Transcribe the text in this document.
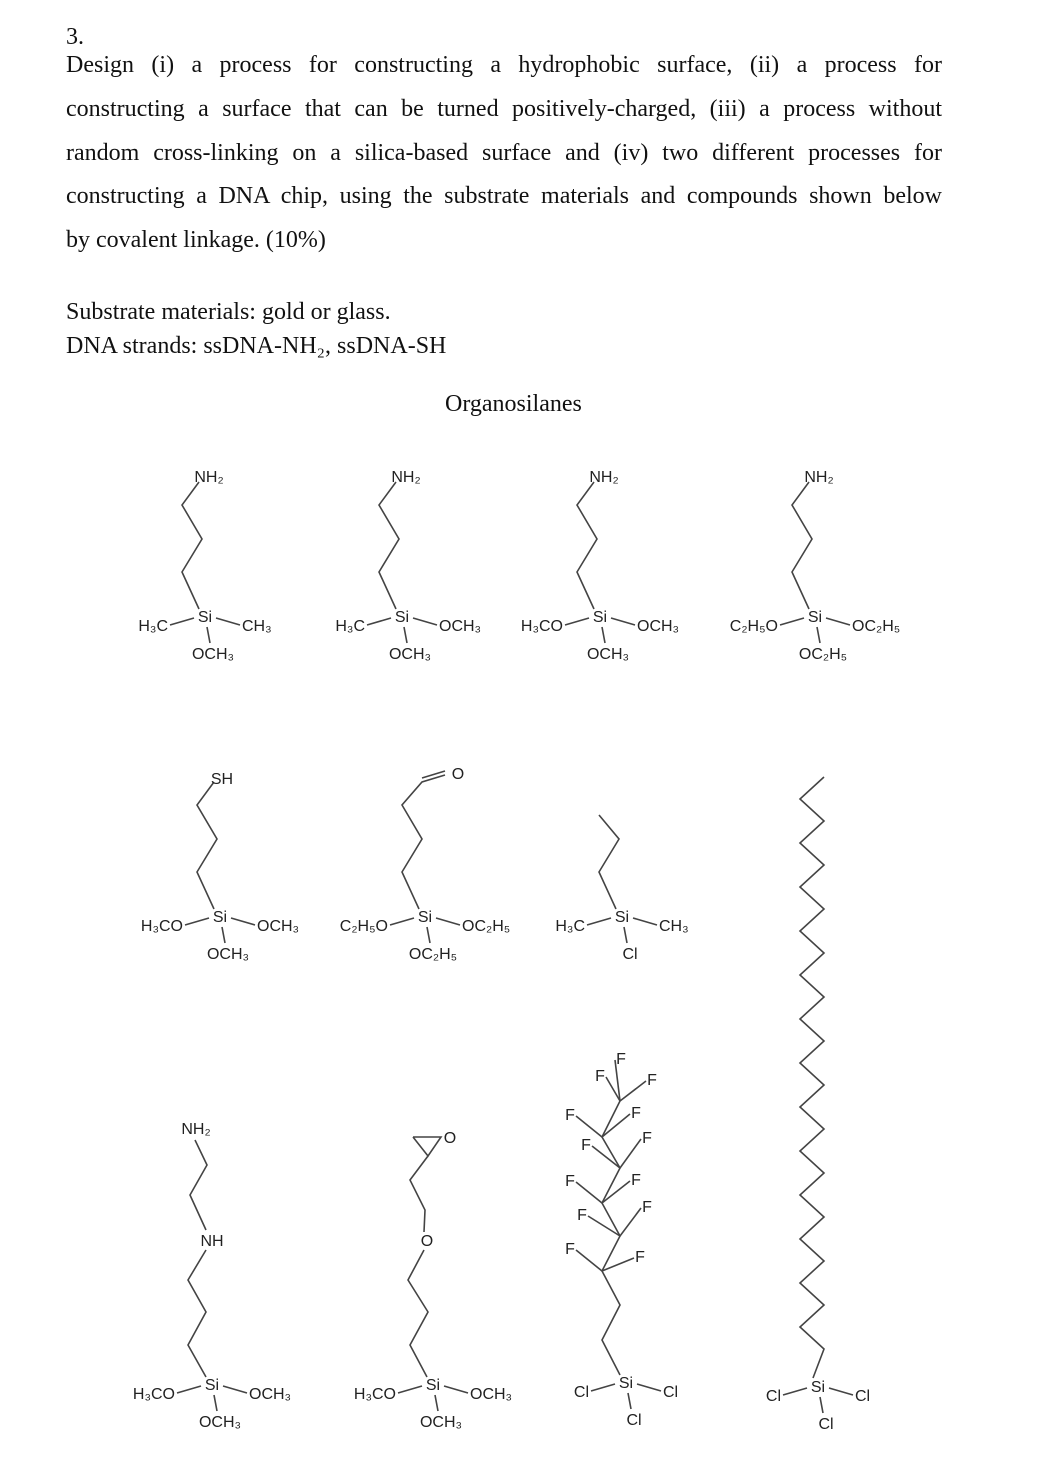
3.
Design (i) a process for constructing a hydrophobic surface, (ii) a process for
constructing a surface that can be turned positively-charged, (iii) a process without
random cross-linking on a silica-based surface and (iv) two different processes for
constructing a DNA chip, using the substrate materials and compounds shown below
by covalent linkage. (10%)
Substrate materials: gold or glass.
DNA strands: ssDNA-NH₂, ssDNA-SH
Organosilanes
Si
H₃C	CH₃
OCH₃
NH₂
Si
H₃C	OCH₃
OCH₃
NH₂
Si
H₃CO	OCH₃
OCH₃
NH₂
Si
C₂H₅O	OC₂H₅
OC₂H₅
NH₂
Si
H₃CO	OCH₃
OCH₃
SH
Si
C₂H₅O	OC₂H₅
OC₂H₅
O
Si
H₃C	CH₃
Cl
Si
Cl	Cl
Cl
Si
H₃CO	OCH₃
OCH₃
NH₂
NH
Si
H₃CO	OCH₃
OCH₃
O
O
Si
Cl	Cl
Cl
F
F
F
F	F
F	F
F	F
F	F
F	F
